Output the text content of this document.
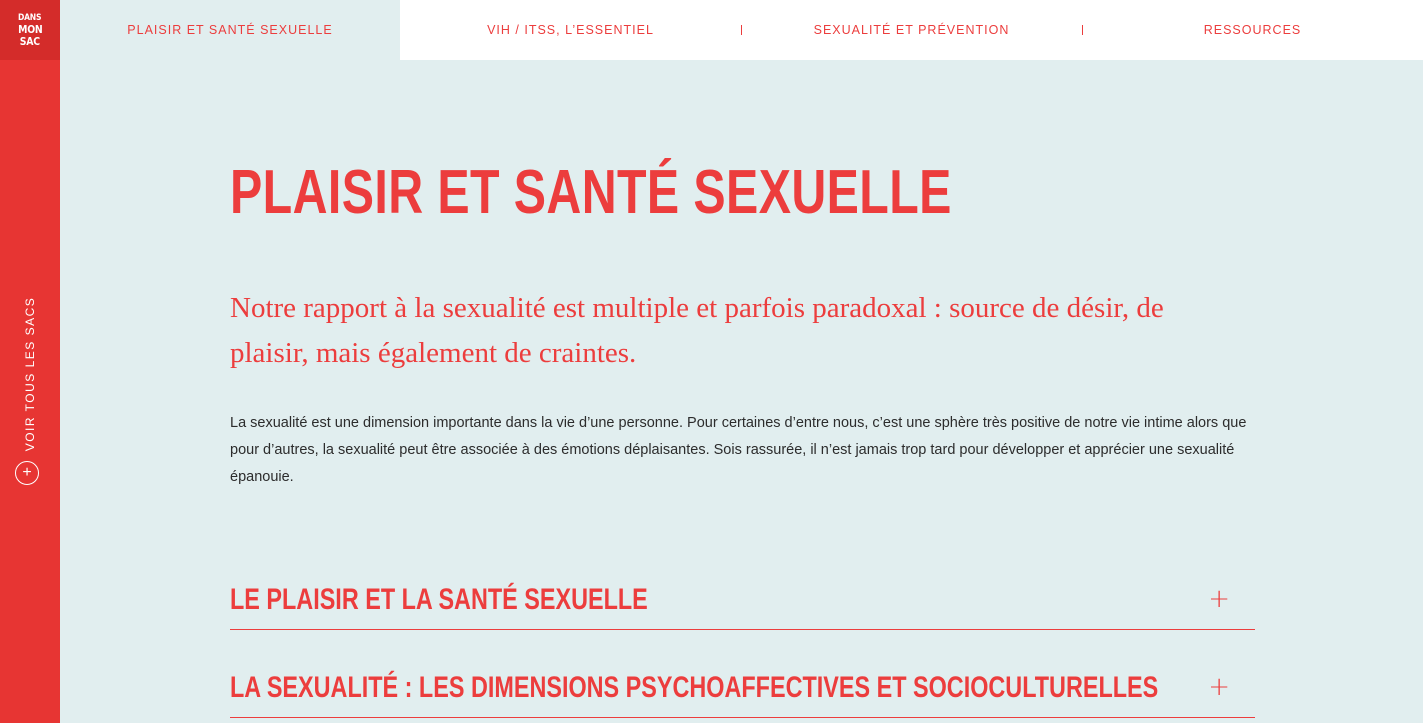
DANS
MON
SAC
VOIR TOUS LES SACS
+
PLAISIR ET SANTÉ SEXUELLE	VIH / ITSS, L’ESSENTIEL	SEXUALITÉ ET PRÉVENTION	RESSOURCES
PLAISIR ET SANTÉ SEXUELLE

Notre rapport à la sexualité est multiple et parfois paradoxal : source de désir, de plaisir, mais également de craintes.

La sexualité est une dimension importante dans la vie d’une personne. Pour certaines d’entre nous, c’est une sphère très positive de notre vie intime alors que pour d’autres, la sexualité peut être associée à des émotions déplaisantes. Sois rassurée, il n’est jamais trop tard pour développer et apprécier une sexualité épanouie.

LE PLAISIR ET LA SANTÉ SEXUELLE	+
LA SEXUALITÉ : LES DIMENSIONS PSYCHOAFFECTIVES ET SOCIOCULTURELLES +
